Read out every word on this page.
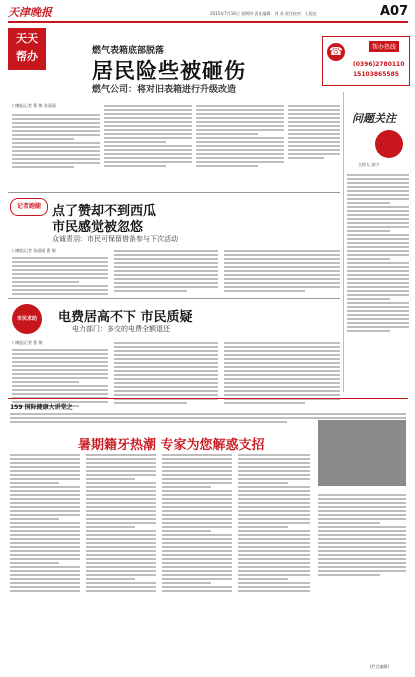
天津晚报	2015年7月16日 星期四 责任编辑：刘 炎 责任校对：王振宏	A07
天天
帮办	燃气表箱底部脱落
居民险些被砸伤
燃气公司：将对旧表箱进行升级改造
☎	帮办热线
(0396)2780110
15103865585
口晚报记者 曹 敏 张丽丽
问题关注
主持人 洛宁
记者跑腿 点了赞却不到西瓜
市民感觉被忽悠
众诚青羽：市民可保留借条参与下次活动
口晚报记者 张丽丽 曹 敏
市民求助	电费居高不下 市民质疑
电力部门：多交的电费全额退还
口晚报记者 曹 敏
159 国际健康大讲堂之
暑期籍牙热潮 专家为您解惑支招
(栏目编辑)
